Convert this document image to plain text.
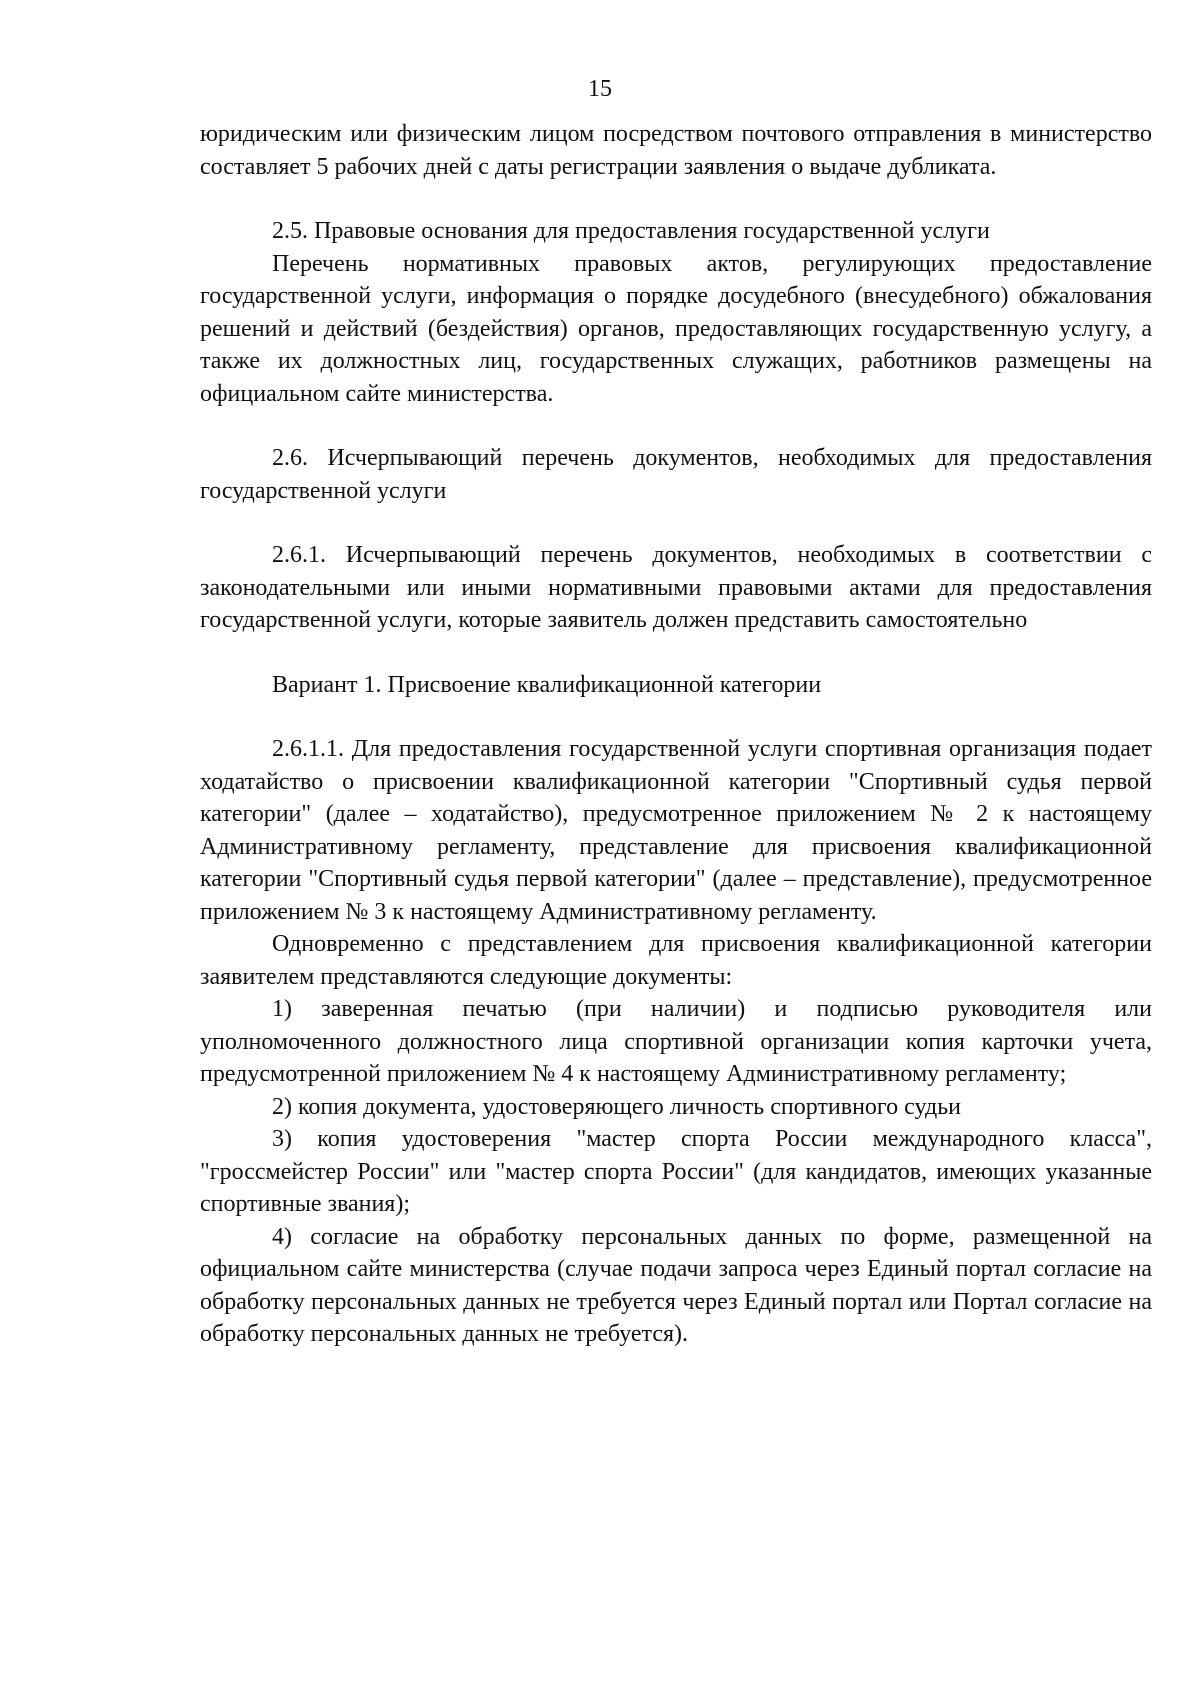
15

юридическим или физическим лицом посредством почтового отправления в министерство составляет 5 рабочих дней с даты регистрации заявления о выдаче дубликата.

2.5. Правовые основания для предоставления государственной услуги

Перечень нормативных правовых актов, регулирующих предоставление государственной услуги, информация о порядке досудебного (внесудебного) обжалования решений и действий (бездействия) органов, предоставляющих государственную услугу, а также их должностных лиц, государственных служащих, работников размещены на официальном сайте министерства.

2.6. Исчерпывающий перечень документов, необходимых для предоставления государственной услуги

2.6.1. Исчерпывающий перечень документов, необходимых в соответствии с законодательными или иными нормативными правовыми актами для предоставления государственной услуги, которые заявитель должен представить самостоятельно

Вариант 1. Присвоение квалификационной категории

2.6.1.1. Для предоставления государственной услуги спортивная организация подает ходатайство о присвоении квалификационной категории "Спортивный судья первой категории" (далее – ходатайство), предусмотренное приложением № 2 к настоящему Административному регламенту, представление для присвоения квалификационной категории "Спортивный судья первой категории" (далее – представление), предусмотренное приложением № 3 к настоящему Административному регламенту.

Одновременно с представлением для присвоения квалификационной категории заявителем представляются следующие документы:

1) заверенная печатью (при наличии) и подписью руководителя или уполномоченного должностного лица спортивной организации копия карточки учета, предусмотренной приложением № 4 к настоящему Административному регламенту;

2) копия документа, удостоверяющего личность спортивного судьи

3) копия удостоверения "мастер спорта России международного класса", "гроссмейстер России" или "мастер спорта России" (для кандидатов, имеющих указанные спортивные звания);

4) согласие на обработку персональных данных по форме, размещенной на официальном сайте министерства (случае подачи запроса через Единый портал согласие на обработку персональных данных не требуется через Единый портал или Портал согласие на обработку персональных данных не требуется).
